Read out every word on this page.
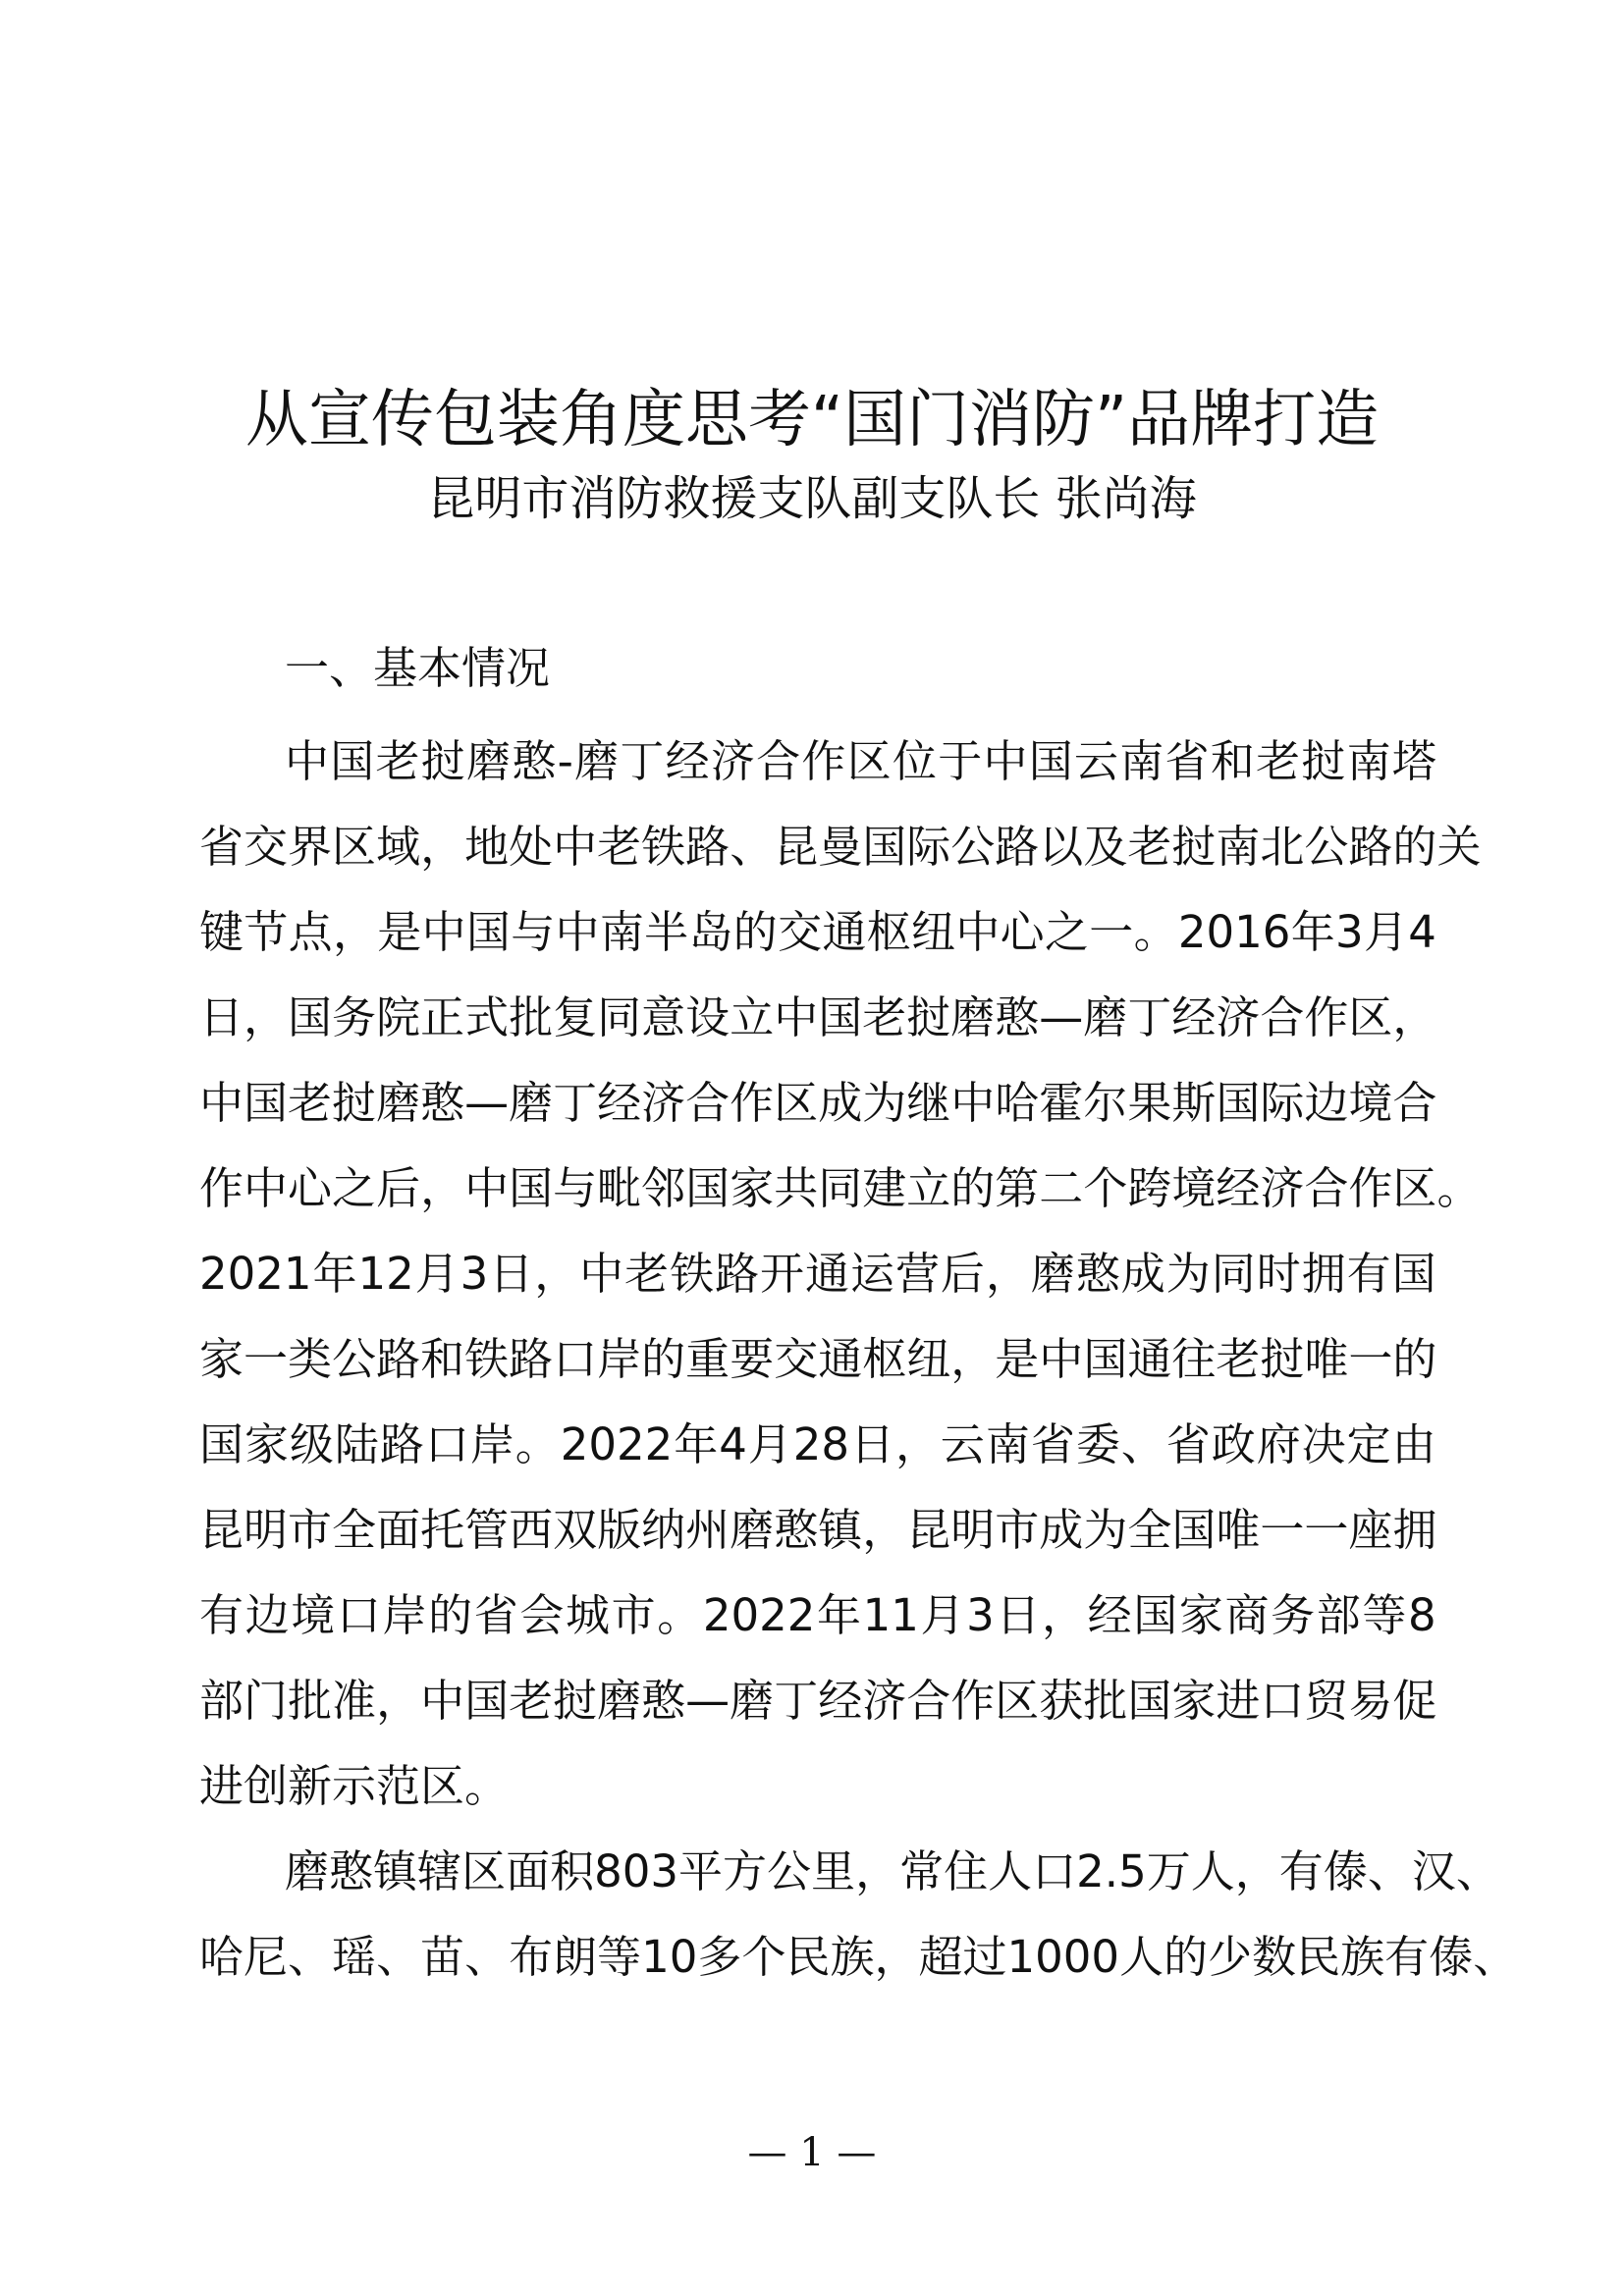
从宣传包装角度思考“国门消防”品牌打造
昆明市消防救援支队副支队长 张尚海
一、基本情况
中 国 老 挝 磨 憨 - 磨 丁 经 济 合 作 区 位 于 中 国 云 南 省 和 老 挝 南 塔
省 交 界 区 域 ， 地 处 中 老 铁 路 、 昆 曼 国 际 公 路 以 及 老 挝 南 北 公 路 的 关
键 节 点 ， 是 中 国 与 中 南 半 岛 的 交 通 枢 纽 中 心 之 一 。 2016 年 3 月 4
日 ， 国 务 院 正 式 批 复 同 意 设 立 中 国 老 挝 磨 憨 — 磨 丁 经 济 合 作 区 ，
中 国 老 挝 磨 憨 — 磨 丁 经 济 合 作 区 成 为 继 中 哈 霍 尔 果 斯 国 际 边 境 合
作 中 心 之 后 ， 中 国 与 毗 邻 国 家 共 同 建 立 的 第 二 个 跨 境 经 济 合 作 区 。
2021 年 12 月 3 日 ， 中 老 铁 路 开 通 运 营 后 ， 磨 憨 成 为 同 时 拥 有 国
家 一 类 公 路 和 铁 路 口 岸 的 重 要 交 通 枢 纽 ， 是 中 国 通 往 老 挝 唯 一 的
国 家 级 陆 路 口 岸 。 2022 年 4 月 28 日 ， 云 南 省 委 、 省 政 府 决 定 由
昆 明 市 全 面 托 管 西 双 版 纳 州 磨 憨 镇 ， 昆 明 市 成 为 全 国 唯 一 一 座 拥
有 边 境 口 岸 的 省 会 城 市 。 2022 年 11 月 3 日 ， 经 国 家 商 务 部 等 8
部 门 批 准 ， 中 国 老 挝 磨 憨 — 磨 丁 经 济 合 作 区 获 批 国 家 进 口 贸 易 促
进创新示范区。
磨 憨 镇 辖 区 面 积 803 平 方 公 里 ， 常 住 人 口 2.5 万 人 ， 有 傣 、 汉 、
哈 尼 、 瑶 、 苗 、 布 朗 等 10 多 个 民 族 ， 超 过 1000 人 的 少 数 民 族 有 傣 、
— 1 —
